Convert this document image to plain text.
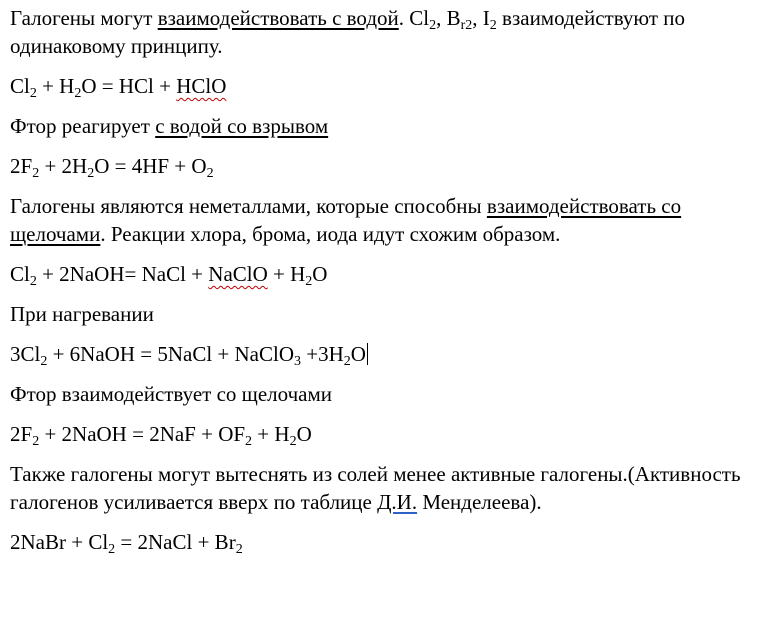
Галогены могут взаимодействовать с водой. $Cl_2$, $B_{r2}$, $I_2$ взаимодействуют по одинаковому принципу.

$Cl_2 + H_2O$ = HCl + HClO

Фтор реагирует с водой со взрывом

$2F_2 + 2H_2O = 4HF + O_2$

Галогены являются неметаллами, которые способны взаимодействовать со щелочами. Реакции хлора, брома, иода идут схожим образом.

$Cl_2$ + 2NaOH= NaCl + NaClO + $H_2O$

При нагревании

$3Cl_2$ + 6NaOH = 5NaCl + NaClO$_3$ $+3H_2O$

Фтор взаимодействует со щелочами

$2F_2$ + 2NaOH = $2NaF + OF_2 + H_2O$

Также галогены могут вытеснять из солей менее активные галогены.(Активность галогенов усиливается вверх по таблице Д.И. Менделеева).

2NaBr + $Cl_2$ = 2NaCl + $Br_2$
